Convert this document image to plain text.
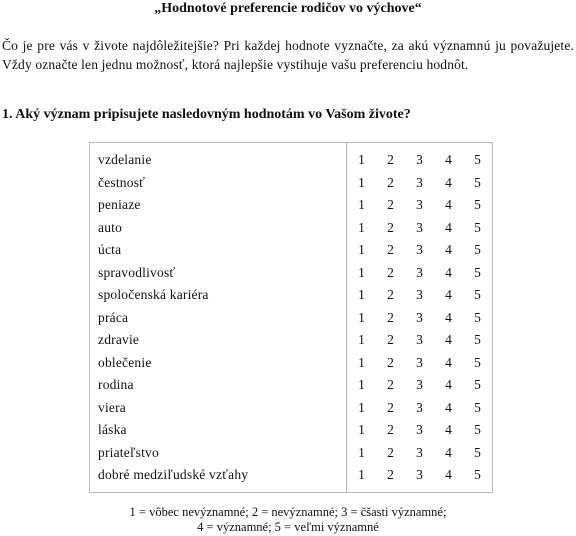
„Hodnotové preferencie rodičov vo výchove“
Čo je pre vás v živote najdôležitejšie? Pri každej hodnote vyznačte, za akú významnú ju považujete. Vždy označte len jednu možnosť, ktorá najlepšie vystihuje vašu preferenciu hodnôt.
1. Aký význam pripisujete nasledovným hodnotám vo Vašom živote?
vzdelanie	1	2	3	4	5
čestnosť	1	2	3	4	5
peniaze	1	2	3	4	5
auto	1	2	3	4	5
úcta	1	2	3	4	5
spravodlivosť	1	2	3	4	5
spoločenská kariéra	1	2	3	4	5
práca	1	2	3	4	5
zdravie	1	2	3	4	5
oblečenie	1	2	3	4	5
rodina	1	2	3	4	5
viera	1	2	3	4	5
láska	1	2	3	4	5
priateľstvo	1	2	3	4	5
dobré medziľudské vzťahy	1	2	3	4	5
1 = vôbec nevýznamné; 2 = nevýznamné; 3 = čšasti významné;
4 = významné; 5 = veľmi významné
